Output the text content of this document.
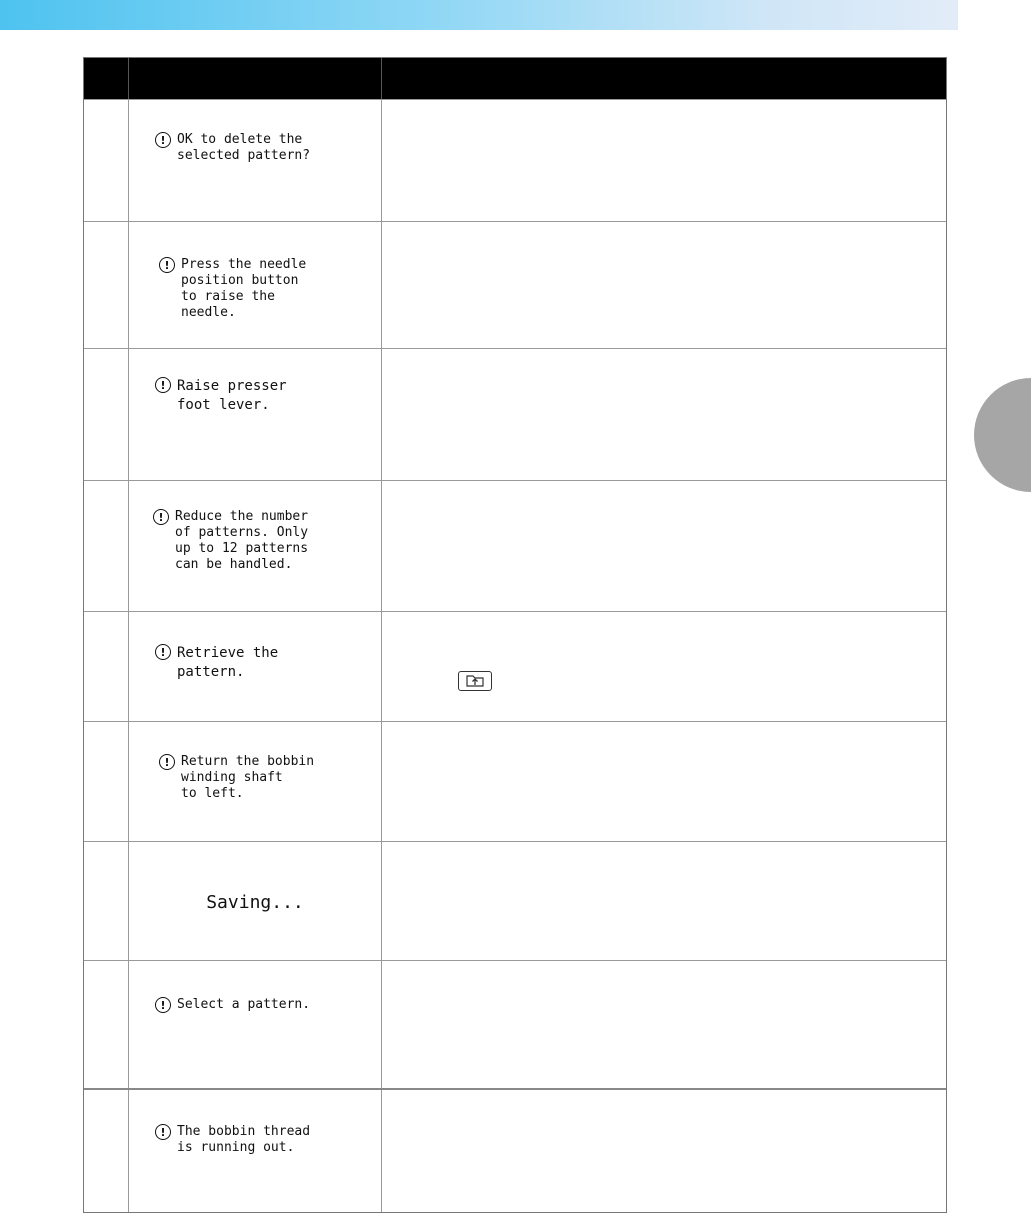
! OK to delete the
selected pattern?
! Press the needle
position button
to raise the
needle.
! Raise presser
foot lever.
! Reduce the number
of patterns. Only
up to 12 patterns
can be handled.
! Retrieve the
pattern.
! Return the bobbin
winding shaft
to left.
Saving...
! Select a pattern.
! The bobbin thread
is running out.
